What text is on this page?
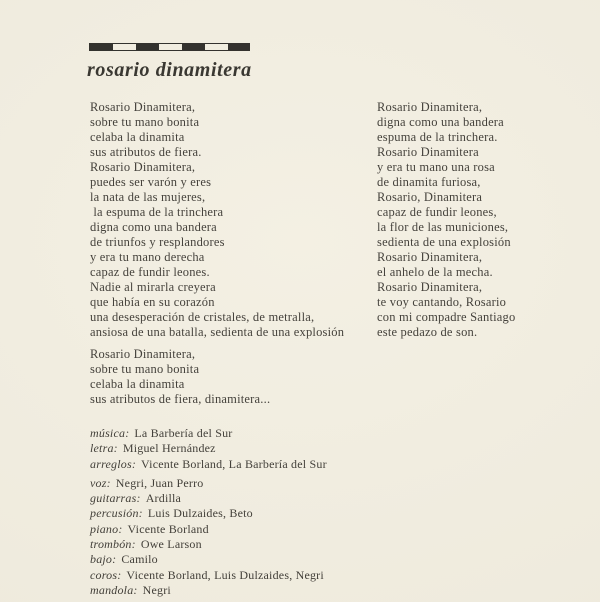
rosario dinamitera
Rosario Dinamitera,
sobre tu mano bonita
celaba la dinamita
sus atributos de fiera.
Rosario Dinamitera,
puedes ser varón y eres
la nata de las mujeres,
la espuma de la trinchera
digna como una bandera
de triunfos y resplandores
y era tu mano derecha
capaz de fundir leones.
Nadie al mirarla creyera
que había en su corazón
una desesperación de cristales, de metralla,
ansiosa de una batalla, sedienta de una explosión
Rosario Dinamitera,
sobre tu mano bonita
celaba la dinamita
sus atributos de fiera, dinamitera...
Rosario Dinamitera,
digna como una bandera
espuma de la trinchera.
Rosario Dinamitera
y era tu mano una rosa
de dinamita furiosa,
Rosario, Dinamitera
capaz de fundir leones,
la flor de las municiones,
sedienta de una explosión
Rosario Dinamitera,
el anhelo de la mecha.
Rosario Dinamitera,
te voy cantando, Rosario
con mi compadre Santiago
este pedazo de son.
música: La Barbería del Sur
letra: Miguel Hernández
arreglos: Vicente Borland, La Barbería del Sur
voz: Negri, Juan Perro
guitarras: Ardilla
percusión: Luis Dulzaides, Beto
piano: Vicente Borland
trombón: Owe Larson
bajo: Camilo
coros: Vicente Borland, Luis Dulzaides, Negri
mandola: Negri
